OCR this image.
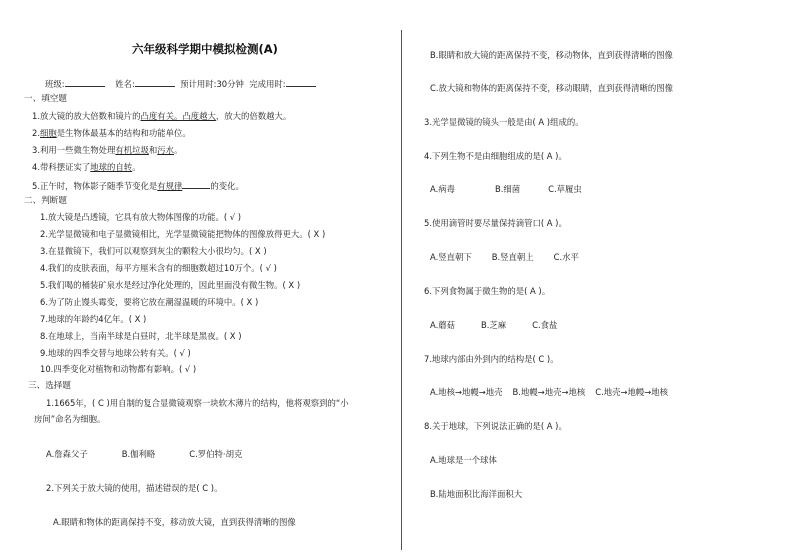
六年级科学期中模拟检测(A)
班级:	姓名:	预计用时:30分钟 完成用时:
一、填空题
1.放大镜的放大倍数和镜片的凸度有关。凸度越大，放大的倍数越大。
2.细胞是生物体最基本的结构和功能单位。
3.利用一些微生物处理有机垃圾和污水。
4.带科摆证实了地球的自转。
5.正午时，物体影子随季节变化是有规律	的变化。
二、判断题
1.放大镜是凸透镜，它具有放大物体图像的功能。( √ )
2.光学显微镜和电子显微镜相比，光学显微镜能把物体的图像放得更大。( X )
3.在显微镜下，我们可以观察到灰尘的颗粒大小很均匀。( X )
4.我们的皮肤表面，每平方厘米含有的细胞数超过10万个。( √ )
5.我们喝的桶装矿泉水是经过净化处理的，因此里面没有微生物。( X )
6.为了防止馒头霉变，要将它放在潮湿温暖的环境中。( X )
7.地球的年龄约4亿年。( X )
8.在地球上，当南半球是白昼时，北半球是黑夜。( X )
9.地球的四季交替与地球公转有关。( √ )
10.四季变化对植物和动物都有影响。( √ )
三、选择题
1.1665年，( C )用自制的复合显微镜观察一块软木薄片的结构，他将观察到的“小
房间”命名为细胞。
A.詹森父子	B.伽利略	C.罗伯特·胡克
2.下列关于放大镜的使用，描述错误的是( C )。
A.眼睛和物体的距离保持不变，移动放大镜，直到获得清晰的图像
B.眼睛和放大镜的距离保持不变，移动物体，直到获得清晰的图像
C.放大镜和物体的距离保持不变，移动眼睛，直到获得清晰的图像
3.光学显微镜的镜头一般是由( A )组成的。
4.下列生物不是由细胞组成的是( A )。
A.病毒	B.细菌	C.草履虫
5.使用滴管时要尽量保持滴管口( A )。
A.竖直朝下 B.竖直朝上 C.水平
6.下列食物属于微生物的是( A )。
A.蘑菇	B.芝麻	C.食盐
7.地球内部由外到内的结构是( C )。
A.地核→地幔→地壳 B.地幔→地壳→地核 C.地壳→地幔→地核
8.关于地球，下列说法正确的是( A )。
A.地球是一个球体
B.陆地面积比海洋面积大
